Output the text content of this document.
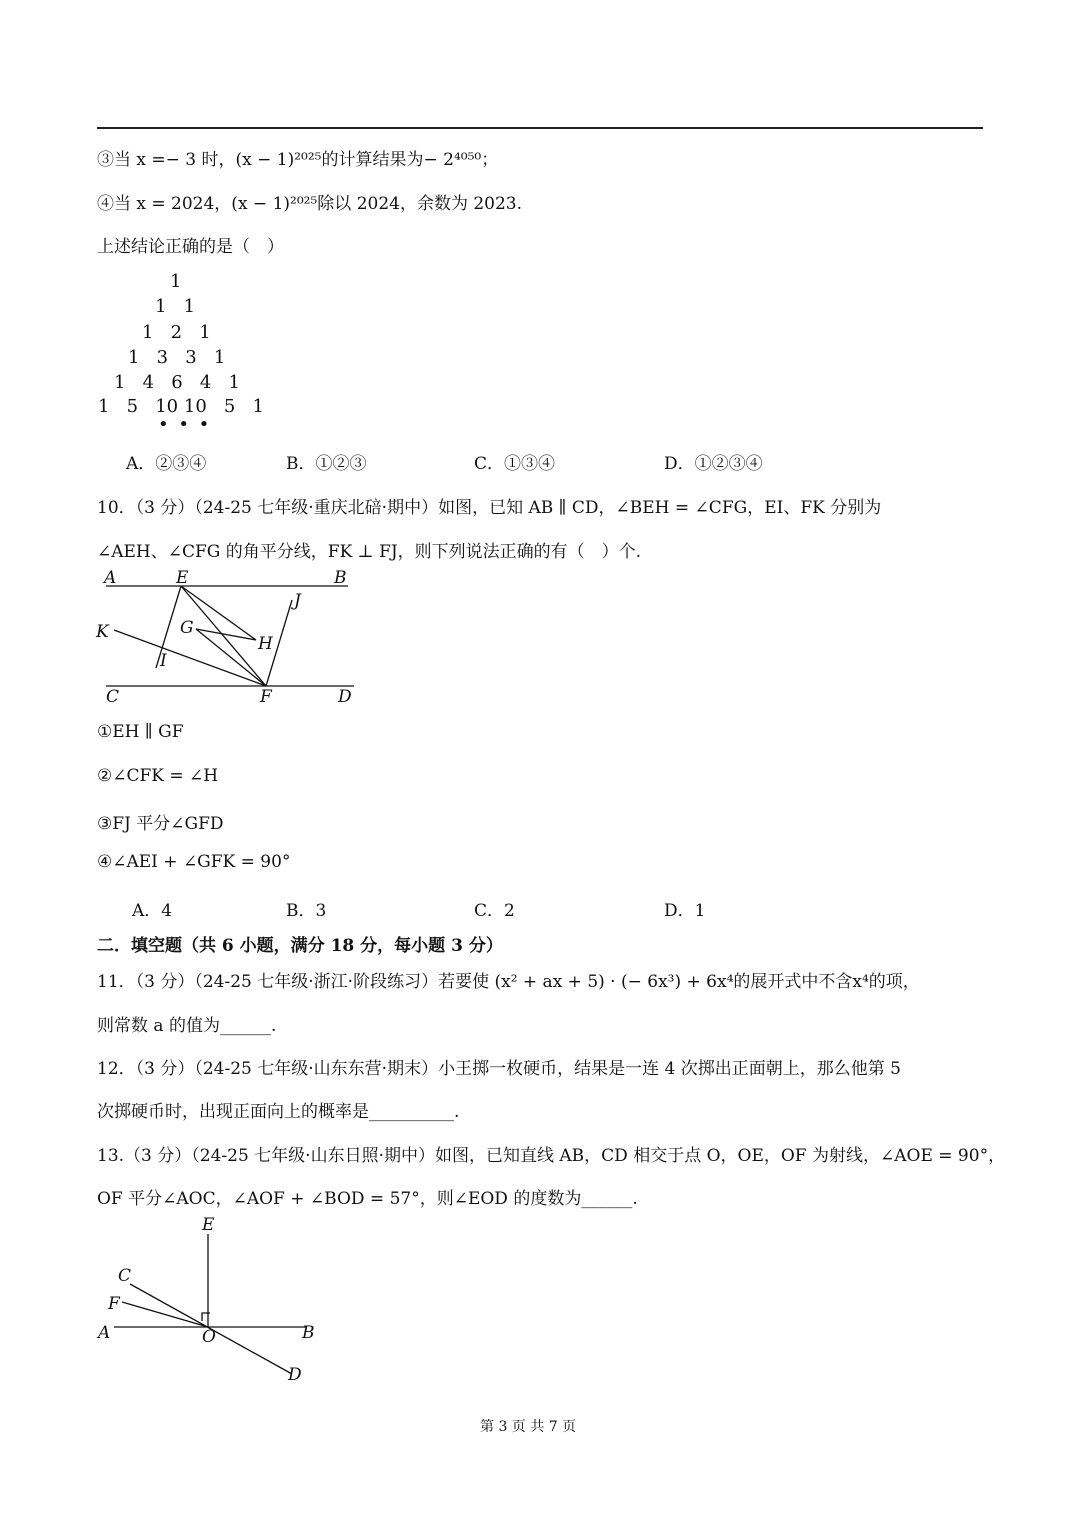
③当 x =− 3 时，(x − 1)²⁰²⁵的计算结果为− 2⁴⁰⁵⁰；
④当 x = 2024，(x − 1)²⁰²⁵除以 2024，余数为 2023.
上述结论正确的是（　）
1
1   1
1   2   1
1   3   3   1
1   4   6   4   1
1   5   10 10   5   1
• • •
A．②③④	B．①②③	C．①③④	D．①②③④
10．（3 分）（24-25 七年级·重庆北碚·期中）如图，已知 AB ∥ CD，∠BEH = ∠CFG，EI、FK 分别为
∠AEH、∠CFG 的角平分线，FK ⊥ FJ，则下列说法正确的有（　）个.
A	E	B
J
K	G
H
I
C	F	D
①EH ∥ GF
②∠CFK = ∠H
③FJ 平分∠GFD
④∠AEI + ∠GFK = 90°
A．4	B．3	C．2	D．1
二．填空题（共 6 小题，满分 18 分，每小题 3 分）
11．（3 分）（24-25 七年级·浙江·阶段练习）若要使 (x² + ax + 5) · (− 6x³) + 6x⁴的展开式中不含x⁴的项，
则常数 a 的值为______.
12．（3 分）（24-25 七年级·山东东营·期末）小王掷一枚硬币，结果是一连 4 次掷出正面朝上，那么他第 5
次掷硬币时，出现正面向上的概率是__________.
13.（3 分）（24-25 七年级·山东日照·期中）如图，已知直线 AB，CD 相交于点 O，OE，OF 为射线，∠AOE = 90°，
OF 平分∠AOC，∠AOF + ∠BOD = 57°，则∠EOD 的度数为______.
E
C
F
A	O	B
D
第 3 页 共 7 页
